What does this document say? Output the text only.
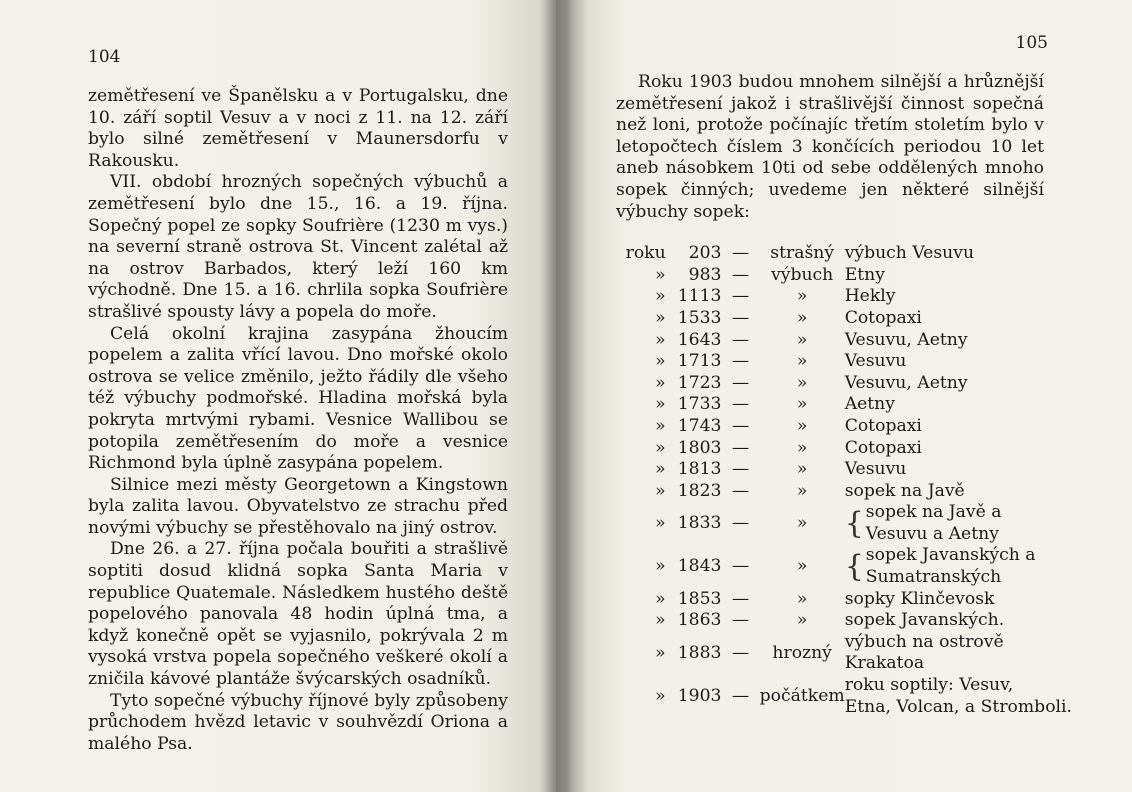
104

zemětřesení ve Španělsku a v Portugalsku, dne 10. září soptil Vesuv a v noci z 11. na 12. září bylo silné zemětřesení v Maunersdorfu v Rakousku.

VII. období hrozných sopečných výbuchů a zemětřesení bylo dne 15., 16. a 19. října. Sopečný popel ze sopky Soufrière (1230 m vys.) na severní straně ostrova St. Vincent zalétal až na ostrov Barbados, který leží 160 km východně. Dne 15. a 16. chrlila sopka Soufrière strašlivé spousty lávy a popela do moře.

Celá okolní krajina zasypána žhoucím popelem a zalita vřící lavou. Dno mořské okolo ostrova se velice změnilo, ježto řádily dle všeho též výbuchy podmořské. Hladina mořská byla pokryta mrtvými rybami. Vesnice Wallibou se potopila zemětřesením do moře a vesnice Richmond byla úplně zasypána popelem.

Silnice mezi městy Georgetown a Kingstown byla zalita lavou. Obyvatelstvo ze strachu před novými výbuchy se přestěhovalo na jiný ostrov.

Dne 26. a 27. října počala bouřiti a strašlivě soptiti dosud klidná sopka Santa Maria v republice Quatemale. Následkem hustého deště popelového panovala 48 hodin úplná tma, a když konečně opět se vyjasnilo, pokrývala 2 m vysoká vrstva popela sopečného veškeré okolí a zničila kávové plantáže švýcarských osadníků.

Tyto sopečné výbuchy říjnové byly způsobeny průchodem hvězd letavic v souhvězdí Oriona a malého Psa.

105

Roku 1903 budou mnohem silnější a hrůznější zemětřesení jakož i strašlivější činnost sopečná než loni, protože počínajíc třetím stoletím bylo v letopočtech číslem 3 končících periodou 10 let aneb násobkem 10ti od sebe oddělených mnoho sopek činných; uvedeme jen některé silnější výbuchy sopek:

roku	203	—	strašný	výbuch Vesuvu
»	983	—	výbuch	Etny
»	1113	—	»	Hekly
»	1533	—	»	Cotopaxi
»	1643	—	»	Vesuvu, Aetny
»	1713	—	»	Vesuvu
»	1723	—	»	Vesuvu, Aetny
»	1733	—	»	Aetny
»	1743	—	»	Cotopaxi
»	1803	—	»	Cotopaxi
»	1813	—	»	Vesuvu
»	1823	—	»	sopek na Javě
»	1833	—	»	{ sopek na Javě a
Vesuvu a Aetny

»	1843	—	»	{ sopek Javanských a
Sumatranských

»	1853	—	»	sopky Klinčevosk
»	1863	—	»	sopek Javanských.
»	1883	—	hrozný	výbuch na ostrově
Krakatoa

»	1903	—	počátkem	roku soptily: Vesuv,
Etna, Volcan, a Stromboli.
